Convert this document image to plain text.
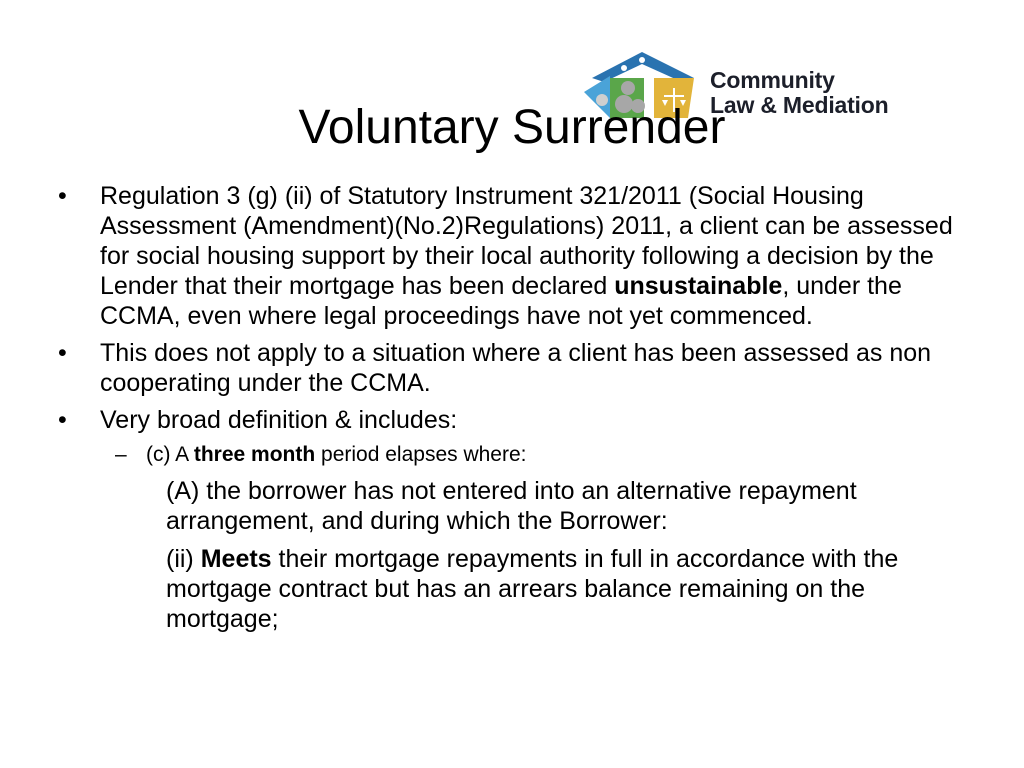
Community
Law & Mediation
Voluntary Surrender
•	Regulation 3 (g) (ii) of Statutory Instrument 321/2011 (Social Housing Assessment (Amendment)(No.2)Regulations) 2011, a client can be assessed for social housing support by their local authority following a decision by the Lender that their mortgage has been declared unsustainable, under the CCMA, even where legal proceedings have not yet commenced.
•	This does not apply to a situation where a client has been assessed as non cooperating under the CCMA.
•	Very broad definition & includes:
– (c) A three month period elapses where:
(A) the borrower has not entered into an alternative repayment arrangement, and during which the Borrower:
(ii) Meets their mortgage repayments in full in accordance with the mortgage contract but has an arrears balance remaining on the mortgage;
